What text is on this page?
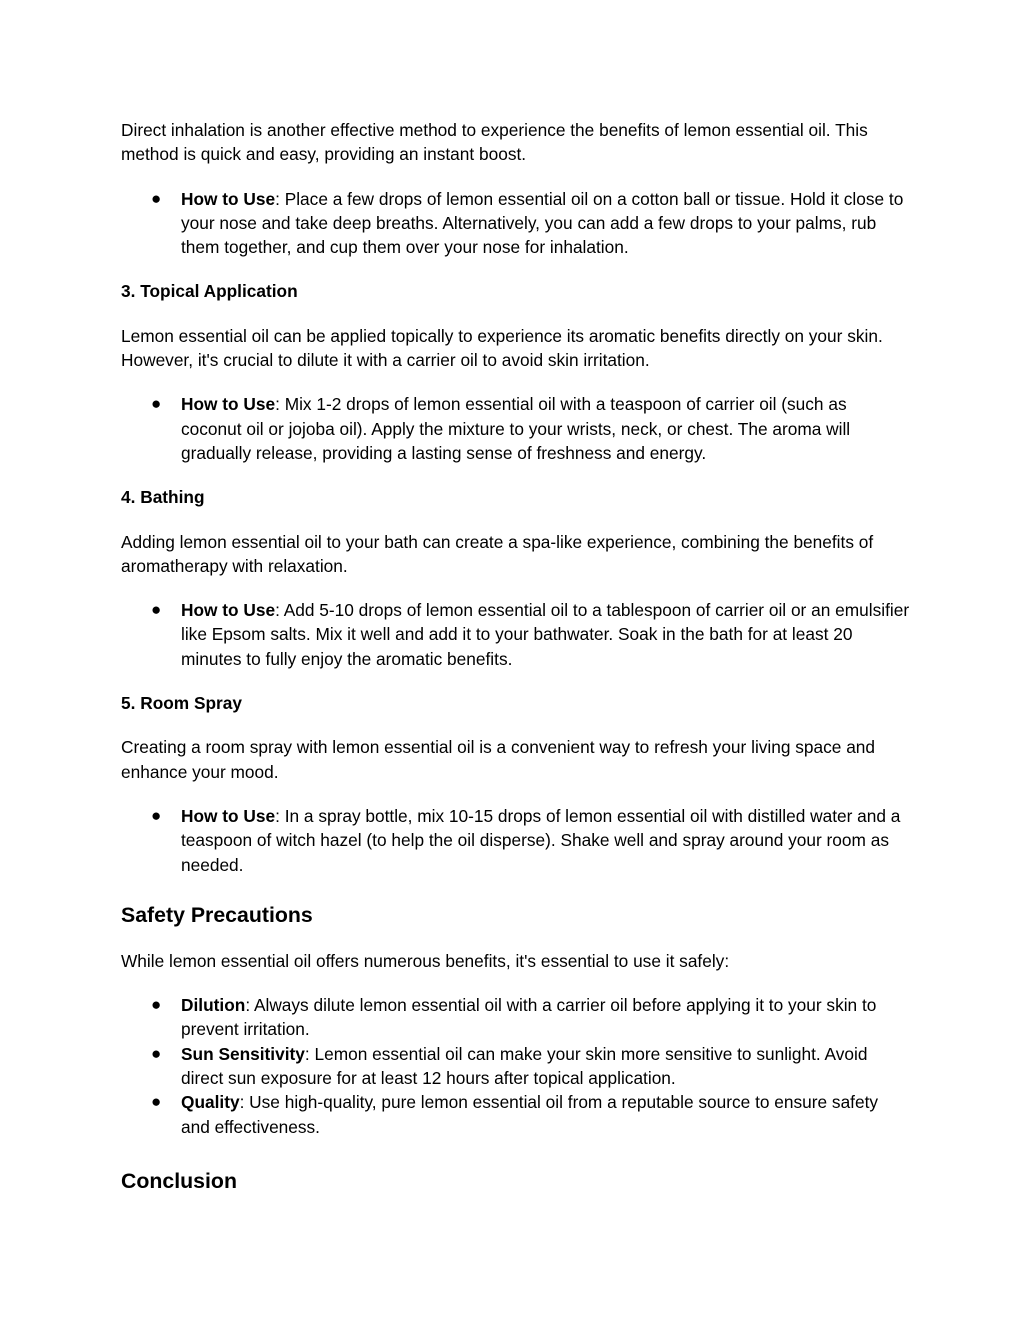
Direct inhalation is another effective method to experience the benefits of lemon essential oil. This method is quick and easy, providing an instant boost.

● How to Use: Place a few drops of lemon essential oil on a cotton ball or tissue. Hold it close to your nose and take deep breaths. Alternatively, you can add a few drops to your palms, rub them together, and cup them over your nose for inhalation.
3. Topical Application

Lemon essential oil can be applied topically to experience its aromatic benefits directly on your skin. However, it's crucial to dilute it with a carrier oil to avoid skin irritation.

● How to Use: Mix 1-2 drops of lemon essential oil with a teaspoon of carrier oil (such as coconut oil or jojoba oil). Apply the mixture to your wrists, neck, or chest. The aroma will gradually release, providing a lasting sense of freshness and energy.
4. Bathing

Adding lemon essential oil to your bath can create a spa-like experience, combining the benefits of aromatherapy with relaxation.

● How to Use: Add 5-10 drops of lemon essential oil to a tablespoon of carrier oil or an emulsifier like Epsom salts. Mix it well and add it to your bathwater. Soak in the bath for at least 20 minutes to fully enjoy the aromatic benefits.
5. Room Spray

Creating a room spray with lemon essential oil is a convenient way to refresh your living space and enhance your mood.

● How to Use: In a spray bottle, mix 10-15 drops of lemon essential oil with distilled water and a teaspoon of witch hazel (to help the oil disperse). Shake well and spray around your room as needed.
Safety Precautions

While lemon essential oil offers numerous benefits, it's essential to use it safely:

● Dilution: Always dilute lemon essential oil with a carrier oil before applying it to your skin to prevent irritation.
● Sun Sensitivity: Lemon essential oil can make your skin more sensitive to sunlight. Avoid direct sun exposure for at least 12 hours after topical application.
● Quality: Use high-quality, pure lemon essential oil from a reputable source to ensure safety and effectiveness.
Conclusion
